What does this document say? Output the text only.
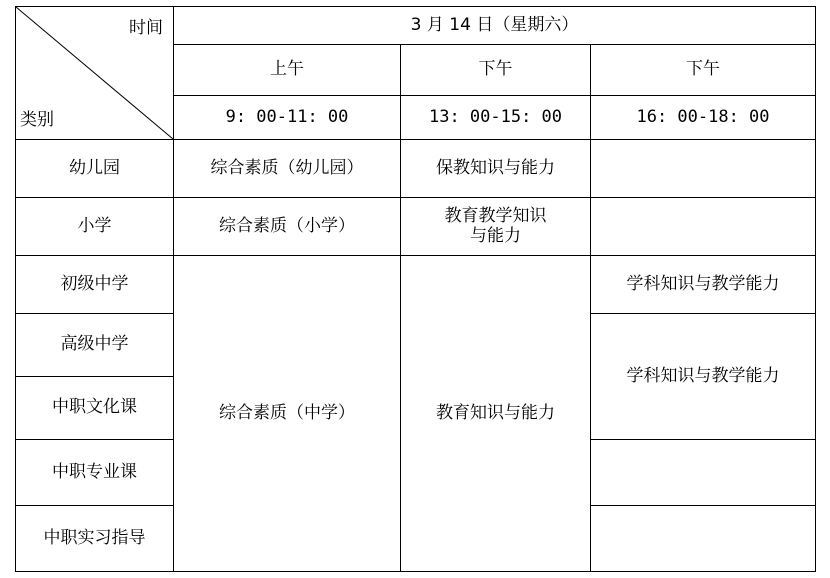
时间
类别	3 月 14 日（星期六）		
	上午	下午	下午
	9: 00-11: 00	13: 00-15: 00	16: 00-18: 00
幼儿园	综合素质（幼儿园）	保教知识与能力	
小学	综合素质（小学）	教育教学知识与能力	
初级中学	综合素质（中学）	教育知识与能力	学科知识与教学能力
高级中学			学科知识与教学能力
中职文化课			
中职专业课			
中职实习指导			
